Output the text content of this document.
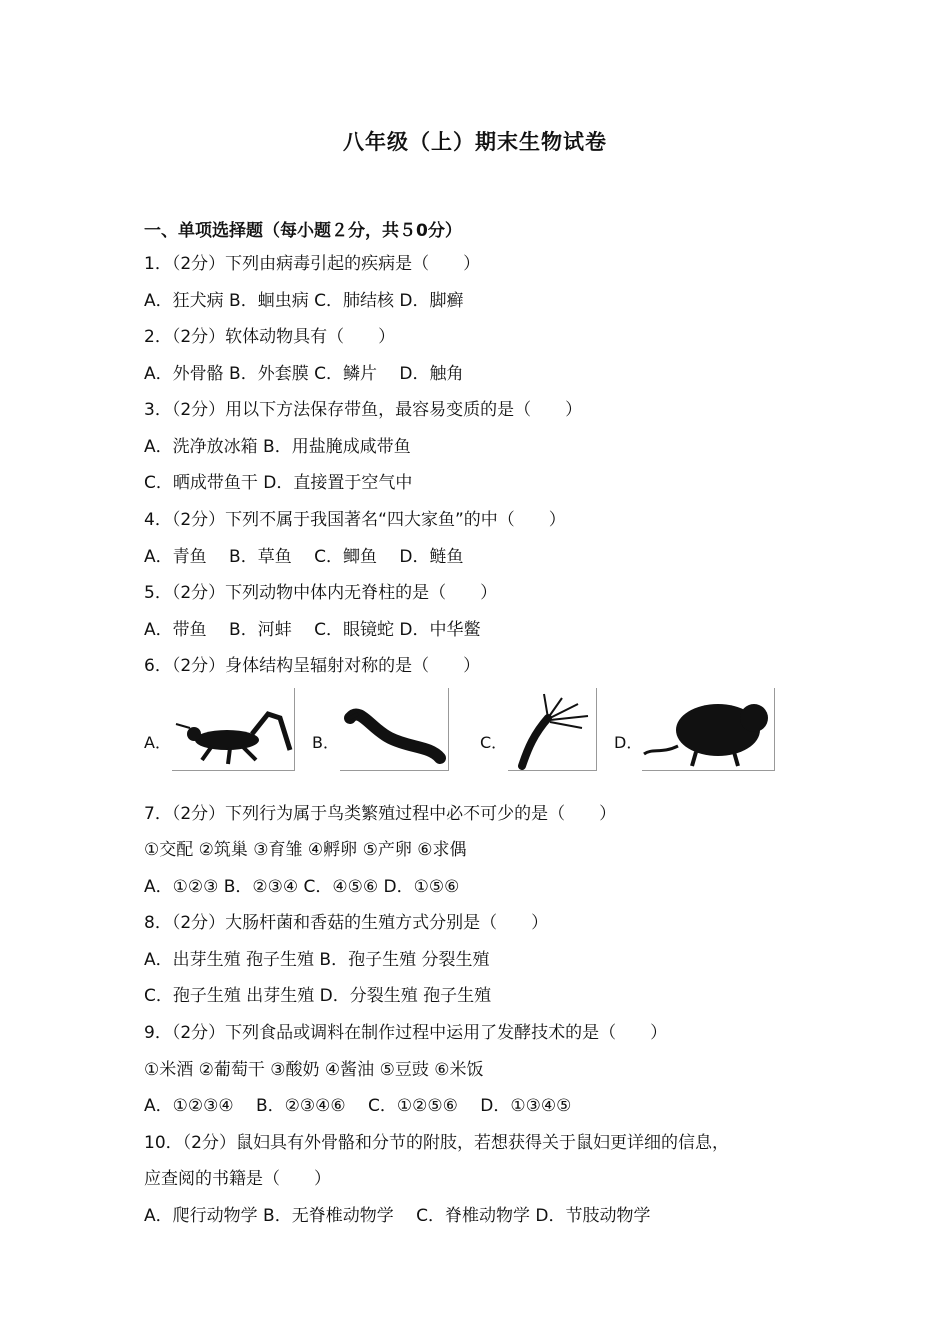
八年级（上）期末生物试卷
一、单项选择题（每小题２分，共５0分）
1．（2分）下列由病毒引起的疾病是（　　）
A．狂犬病 B．蛔虫病 C．肺结核 D．脚癣
2．（2分）软体动物具有（　　）
A．外骨骼 B．外套膜 C．鳞片　 D．触角
3．（2分）用以下方法保存带鱼，最容易变质的是（　　）
A．洗净放冰箱 B．用盐腌成咸带鱼
C．晒成带鱼干 D．直接置于空气中
4．（2分）下列不属于我国著名“四大家鱼”的中（　　）
A．青鱼　 B．草鱼　 C．鲫鱼　 D．鲢鱼
5．（2分）下列动物中体内无脊柱的是（　　）
A．带鱼　 B．河蚌　 C．眼镜蛇 D．中华鳖
6．（2分）身体结构呈辐射对称的是（　　）
A．	B．	C．	D．
7．（2分）下列行为属于鸟类繁殖过程中必不可少的是（　　）
①交配 ②筑巢 ③育雏 ④孵卵 ⑤产卵 ⑥求偶
A．①②③ B．②③④ C．④⑤⑥ D．①⑤⑥
8．（2分）大肠杆菌和香菇的生殖方式分别是（　　）
A．出芽生殖 孢子生殖 B．孢子生殖 分裂生殖
C．孢子生殖 出芽生殖 D．分裂生殖 孢子生殖
9．（2分）下列食品或调料在制作过程中运用了发酵技术的是（　　）
①米酒 ②葡萄干 ③酸奶 ④酱油 ⑤豆豉 ⑥米饭
A．①②③④　 B．②③④⑥　 C．①②⑤⑥　 D．①③④⑤
10．（2分）鼠妇具有外骨骼和分节的附肢，若想获得关于鼠妇更详细的信息，
应查阅的书籍是（　　）
A．爬行动物学 B．无脊椎动物学　 C．脊椎动物学 D．节肢动物学
